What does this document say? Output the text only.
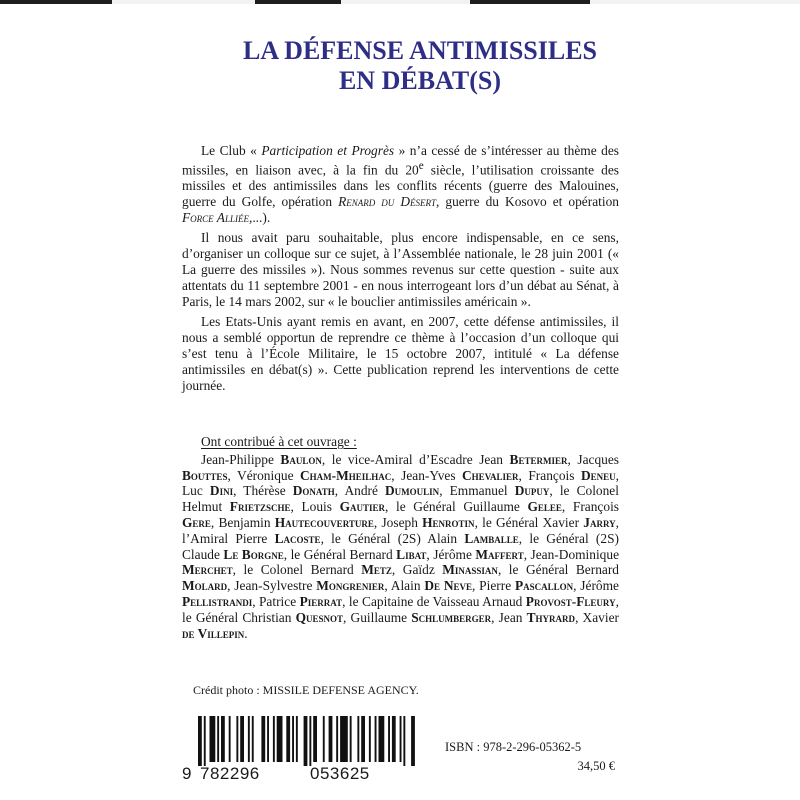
LA DÉFENSE ANTIMISSILES
EN DÉBAT(S)

Le Club « Participation et Progrès » n’a cessé de s’intéresser au thème des missiles, en liaison avec, à la fin du 20e siècle, l’utilisation croissante des missiles et des antimissiles dans les conflits récents (guerre des Malouines, guerre du Golfe, opération Renard du Désert, guerre du Kosovo et opération Force Alliée,...).

Il nous avait paru souhaitable, plus encore indispensable, en ce sens, d’organiser un colloque sur ce sujet, à l’Assemblée nationale, le 28 juin 2001 (« La guerre des missiles »). Nous sommes revenus sur cette question - suite aux attentats du 11 septembre 2001 - en nous interrogeant lors d’un débat au Sénat, à Paris, le 14 mars 2002, sur « le bouclier antimissiles américain ».

Les Etats-Unis ayant remis en avant, en 2007, cette défense antimissiles, il nous a semblé opportun de reprendre ce thème à l’occasion d’un colloque qui s’est tenu à l’École Militaire, le 15 octobre 2007, intitulé « La défense antimissiles en débat(s) ». Cette publication reprend les interventions de cette journée.

Ont contribué à cet ouvrage :

Jean-Philippe Baulon, le vice-Amiral d’Escadre Jean Betermier, Jacques Bouttes, Véronique Cham-Mheilhac, Jean-Yves Chevalier, François Deneu, Luc Dini, Thérèse Donath, André Dumoulin, Emmanuel Dupuy, le Colonel Helmut Frietzsche, Louis Gautier, le Général Guillaume Gelee, François Gere, Benjamin Hautecouverture, Joseph Henrotin, le Général Xavier Jarry, l’Amiral Pierre Lacoste, le Général (2S) Alain Lamballe, le Général (2S) Claude Le Borgne, le Général Bernard Libat, Jérôme Maffert, Jean-Dominique Merchet, le Colonel Bernard Metz, Gaïdz Minassian, le Général Bernard Molard, Jean-Sylvestre Mongrenier, Alain De Neve, Pierre Pascallon, Jérôme Pellistrandi, Patrice Pierrat, le Capitaine de Vaisseau Arnaud Provost-Fleury, le Général Christian Quesnot, Guillaume Schlumberger, Jean Thyrard, Xavier de Villepin.

Crédit photo : MISSILE DEFENSE AGENCY.
9 782296	053625
ISBN : 978-2-296-05362-5
34,50 €
